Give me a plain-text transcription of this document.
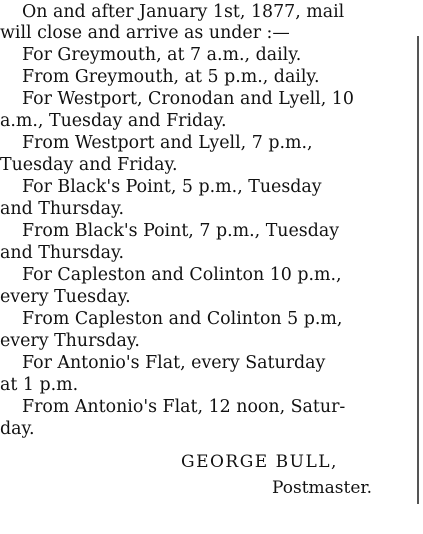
On and after January 1st, 1877, mail
will close and arrive as under :—
For Greymouth, at 7 a.m., daily.
From Greymouth, at 5 p.m., daily.
For Westport, Cronodan and Lyell, 10
a.m., Tuesday and Friday.
From Westport and Lyell, 7 p.m.,
Tuesday and Friday.
For Black's Point, 5 p.m., Tuesday
and Thursday.
From Black's Point, 7 p.m., Tuesday
and Thursday.
For Capleston and Colinton 10 p.m.,
every Tuesday.
From Capleston and Colinton 5 p.m,
every Thursday.
For Antonio's Flat, every Saturday
at 1 p.m.
From Antonio's Flat, 12 noon, Satur-
day.
GEORGE BULL,
Postmaster.
